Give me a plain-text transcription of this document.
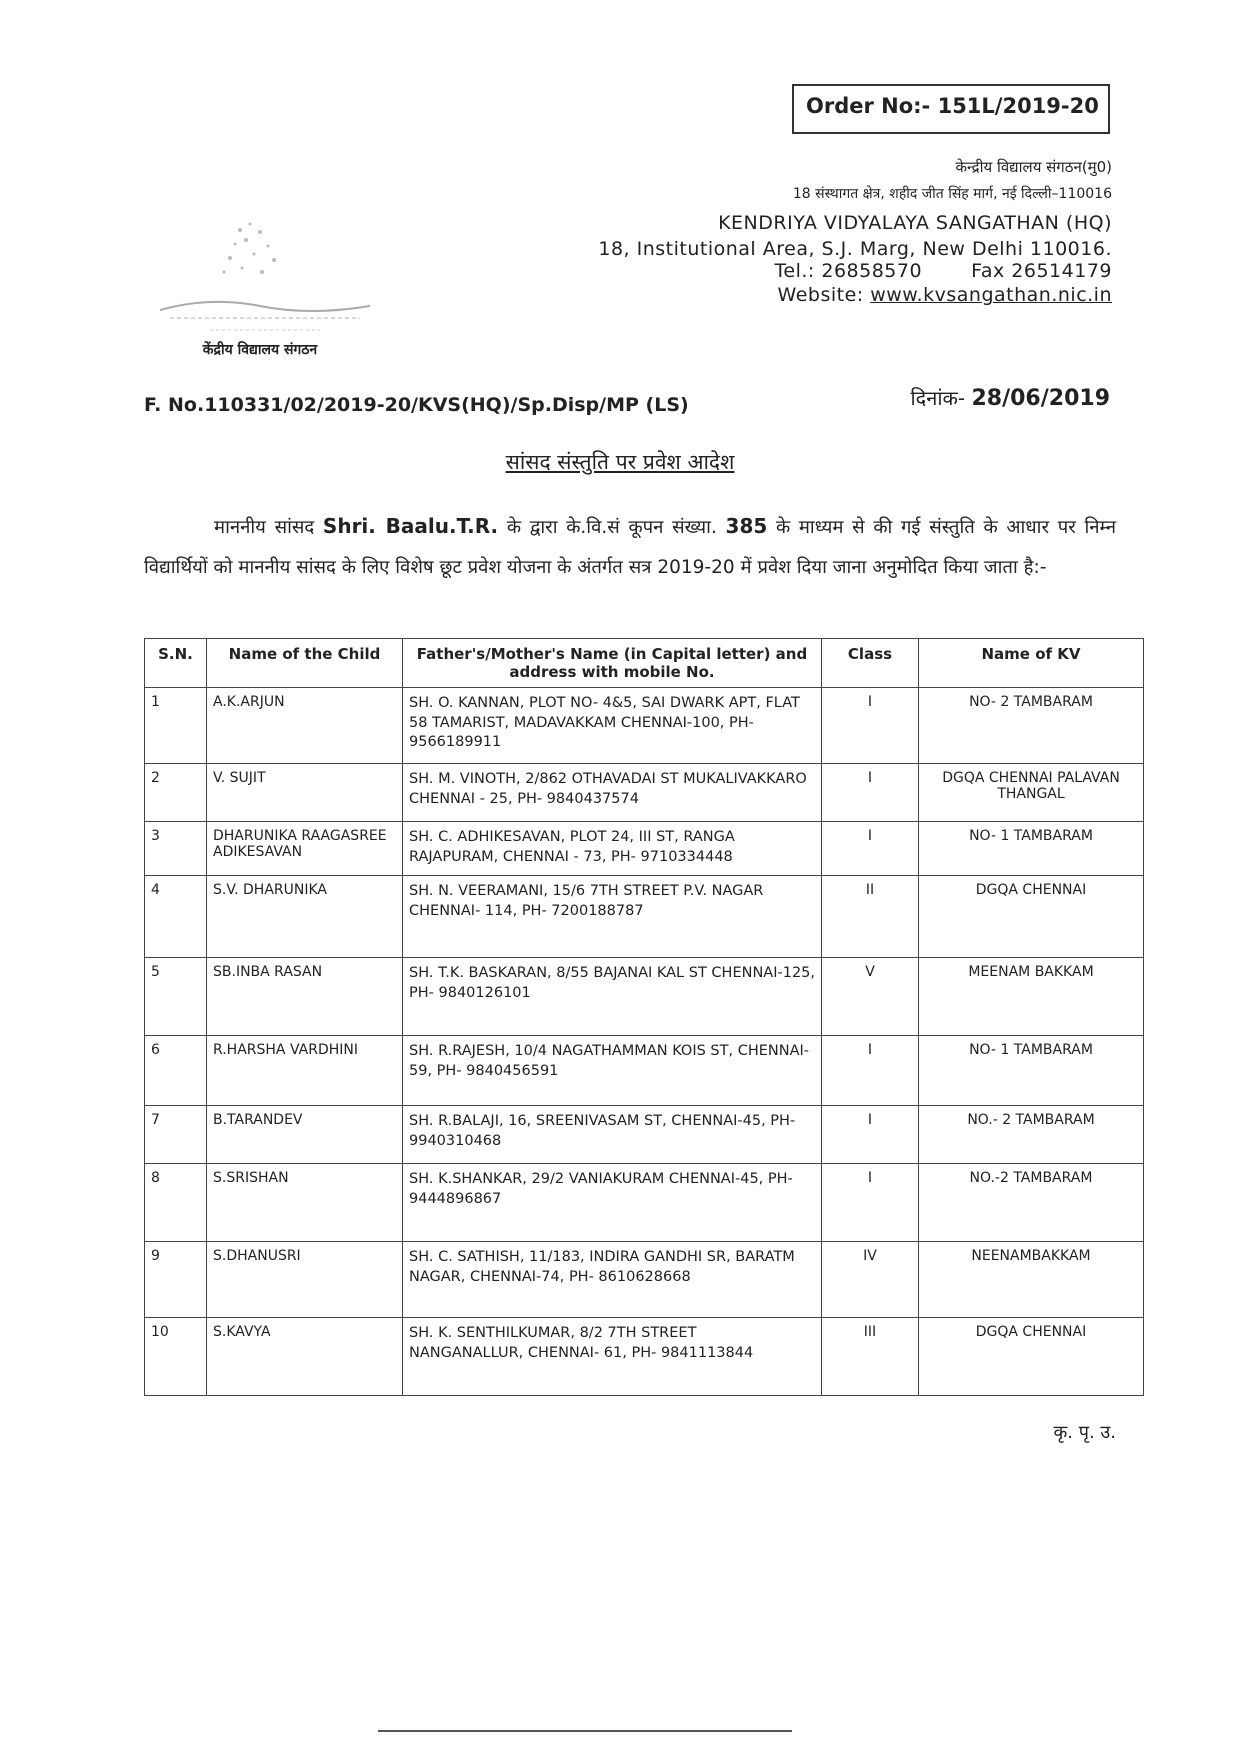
Order No:- 151L/2019-20
केन्द्रीय विद्यालय संगठन(मु0)
18 संस्थागत क्षेत्र, शहीद जीत सिंह मार्ग, नई दिल्ली–110016
KENDRIYA VIDYALAYA SANGATHAN (HQ)
18, Institutional Area, S.J. Marg, New Delhi 110016.
Tel.: 26858570	Fax 26514179
Website: www.kvsangathan.nic.in
केंद्रीय विद्यालय संगठन
F. No.110331/02/2019-20/KVS(HQ)/Sp.Disp/MP (LS)	दिनांक- 28/06/2019
सांसद संस्तुति पर प्रवेश आदेश
माननीय सांसद Shri. Baalu.T.R. के द्वारा के.वि.सं कूपन संख्या. 385 के माध्यम से की गई संस्तुति के आधार पर निम्न विद्यार्थियों को माननीय सांसद के लिए विशेष छूट प्रवेश योजना के अंतर्गत सत्र 2019-20 में प्रवेश दिया जाना अनुमोदित किया जाता है:-
S.N.	Name of the Child	Father's/Mother's Name (in Capital letter) and address with mobile No.	Class	Name of KV
1	A.K.ARJUN	SH. O. KANNAN, PLOT NO- 4&5, SAI DWARK APT, FLAT 58 TAMARIST, MADAVAKKAM CHENNAI-100, PH- 9566189911	I	NO- 2 TAMBARAM
2	V. SUJIT	SH. M. VINOTH, 2/862 OTHAVADAI ST MUKALIVAKKARO CHENNAI - 25, PH- 9840437574	I	DGQA CHENNAI PALAVAN THANGAL
3	DHARUNIKA RAAGASREE ADIKESAVAN	SH. C. ADHIKESAVAN, PLOT 24, III ST, RANGA RAJAPURAM, CHENNAI - 73, PH- 9710334448	I	NO- 1 TAMBARAM
4	S.V. DHARUNIKA	SH. N. VEERAMANI, 15/6 7TH STREET P.V. NAGAR CHENNAI- 114, PH- 7200188787	II	DGQA CHENNAI
5	SB.INBA RASAN	SH. T.K. BASKARAN, 8/55 BAJANAI KAL ST CHENNAI-125, PH- 9840126101	V	MEENAM BAKKAM
6	R.HARSHA VARDHINI	SH. R.RAJESH, 10/4 NAGATHAMMAN KOIS ST, CHENNAI-59, PH- 9840456591	I	NO- 1 TAMBARAM
7	B.TARANDEV	SH. R.BALAJI, 16, SREENIVASAM ST, CHENNAI-45, PH- 9940310468	I	NO.- 2 TAMBARAM
8	S.SRISHAN	SH. K.SHANKAR, 29/2 VANIAKURAM CHENNAI-45, PH- 9444896867	I	NO.-2 TAMBARAM
9	S.DHANUSRI	SH. C. SATHISH, 11/183, INDIRA GANDHI SR, BARATM NAGAR, CHENNAI-74, PH- 8610628668	IV	NEENAMBAKKAM
10	S.KAVYA	SH. K. SENTHILKUMAR, 8/2 7TH STREET NANGANALLUR, CHENNAI- 61, PH- 9841113844	III	DGQA CHENNAI
कृ. पृ. उ.
